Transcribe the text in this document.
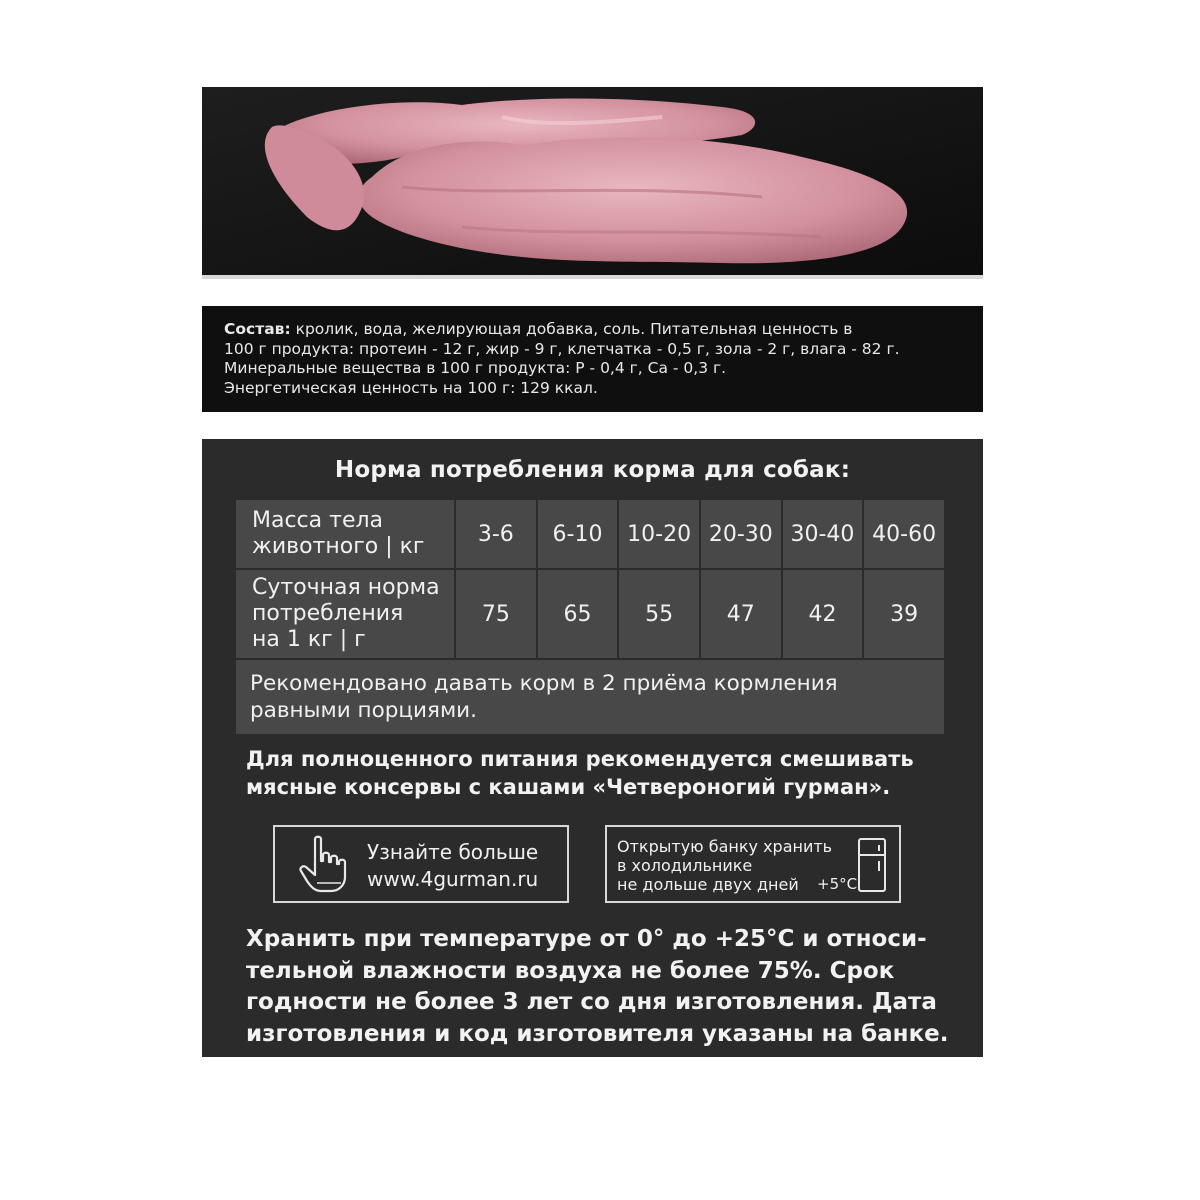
Состав: кролик, вода, желирующая добавка, соль. Питательная ценность в
100 г продукта: протеин - 12 г, жир - 9 г, клетчатка - 0,5 г, зола - 2 г, влага - 82 г.
Минеральные вещества в 100 г продукта: P - 0,4 г, Ca - 0,3 г.
Энергетическая ценность на 100 г: 129 ккал.
Норма потребления корма для собак:
Масса тела
животного | кг	3-6	6-10	10-20	20-30	30-40	40-60

Суточная норма
потребления
на 1 кг | г	75	65	55	47	42	39

Рекомендовано давать корм в 2 приёма кормления
равными порциями.						
Для полноценного питания рекомендуется смешивать
мясные консервы с кашами «Четвероногий гурман».
Узнайте больше
www.4gurman.ru
Открытую банку хранить
в холодильнике
не дольше двух дней	+5°C
Хранить при температуре от 0° до +25°C и относи-
тельной влажности воздуха не более 75%. Срок
годности не более 3 лет со дня изготовления. Дата
изготовления и код изготовителя указаны на банке.
